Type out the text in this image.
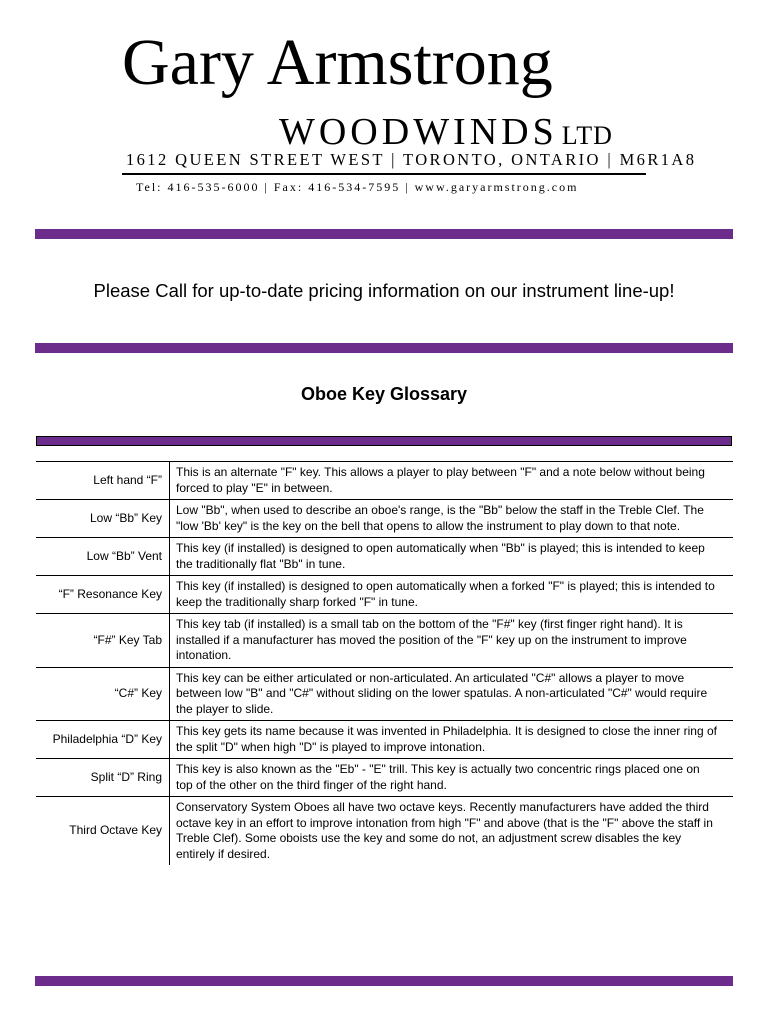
Gary Armstrong
WOODWINDS LTD
1612 QUEEN STREET WEST | TORONTO, ONTARIO | M6R1A8
Tel: 416-535-6000 | Fax: 416-534-7595 | www.garyarmstrong.com
Please Call for up-to-date pricing information on our instrument line-up!
Oboe Key Glossary
Left hand “F”	This is an alternate "F" key. This allows a player to play between "F" and a note below without being forced to play "E" in between.
Low “Bb” Key	Low "Bb", when used to describe an oboe's range, is the "Bb" below the staff in the Treble Clef. The "low 'Bb' key" is the key on the bell that opens to allow the instrument to play down to that note.
Low “Bb” Vent	This key (if installed) is designed to open automatically when "Bb" is played; this is intended to keep the traditionally flat "Bb" in tune.
“F” Resonance Key	This key (if installed) is designed to open automatically when a forked "F" is played; this is intended to keep the traditionally sharp forked "F" in tune.
“F#” Key Tab	This key tab (if installed) is a small tab on the bottom of the "F#" key (first finger right hand). It is installed if a manufacturer has moved the position of the "F" key up on the instrument to improve intonation.
“C#” Key	This key can be either articulated or non-articulated. An articulated "C#" allows a player to move between low "B" and "C#" without sliding on the lower spatulas. A non-articulated "C#" would require the player to slide.
Philadelphia “D” Key	This key gets its name because it was invented in Philadelphia. It is designed to close the inner ring of the split "D" when high "D" is played to improve intonation.
Split “D” Ring	This key is also known as the "Eb" - "E" trill. This key is actually two concentric rings placed one on top of the other on the third finger of the right hand.
Third Octave Key	Conservatory System Oboes all have two octave keys. Recently manufacturers have added the third octave key in an effort to improve intonation from high "F" and above (that is the "F" above the staff in Treble Clef). Some oboists use the key and some do not, an adjustment screw disables the key entirely if desired.
